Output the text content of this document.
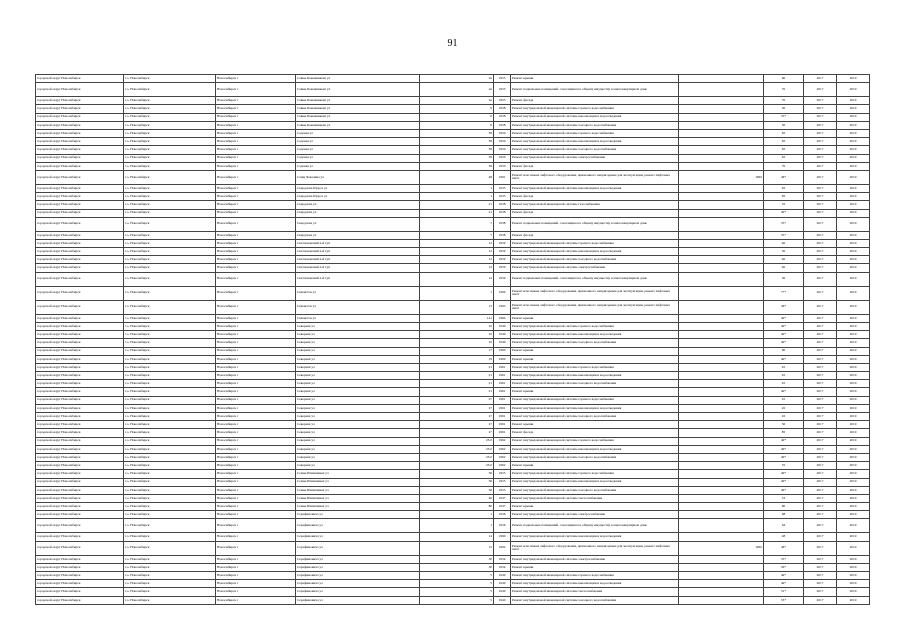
91
городской округ Новосибирск	г.о. Новосибирск	Новосибирск г	Саввы Кожевникова ул	4а	1953	Ремонт крыши		60	2017	2019
городской округ Новосибирск	г.о. Новосибирск	Новосибирск г	Саввы Кожевникова ул	4а	1953	Ремонт подвальных помещений, относящихся к общему имуществу в многоквартирном доме		70	2017	2019
городской округ Новосибирск	г.о. Новосибирск	Новосибирск г	Саввы Кожевникова ул	4а	1953	Ремонт фасада		70	2017	2019
городской округ Новосибирск	г.о. Новосибирск	Новосибирск г	Саввы Кожевникова ул	6	1958	Ремонт внутридомовой инженерной системы горячего водоснабжения		50	2017	2019
городской округ Новосибирск	г.о. Новосибирск	Новосибирск г	Саввы Кожевникова ул	6	1958	Ремонт внутридомовой инженерной системы канализации и водоотведения		55*	2017	2019
городской округ Новосибирск	г.о. Новосибирск	Новосибирск г	Саввы Кожевникова ул	6	1958	Ремонт внутридомовой инженерной системы холодного водоснабжения		50	2017	2019
городской округ Новосибирск	г.о. Новосибирск	Новосибирск г	Садовая ул	39	1950	Ремонт внутридомовой инженерной системы горячего водоснабжения		65	2017	2019
городской округ Новосибирск	г.о. Новосибирск	Новосибирск г	Садовая ул	39	1950	Ремонт внутридомовой инженерной системы канализации и водоотведения		65	2017	2019
городской округ Новосибирск	г.о. Новосибирск	Новосибирск г	Садовая ул	39	1950	Ремонт внутридомовой инженерной системы холодного водоснабжения		65	2017	2019
городской округ Новосибирск	г.о. Новосибирск	Новосибирск г	Садовая ул	39	1950	Ремонт внутридомовой инженерной системы электроснабжения		65	2017	2019
городской округ Новосибирск	г.о. Новосибирск	Новосибирск г	Садовая ул	39	1950	Ремонт фасада		70	2017	2019
городской округ Новосибирск	г.о. Новосибирск	Новосибирск г	Саши Чекалина ул	48	1991	Ремонт или замена лифтового оборудования, признанного непригодным для эксплуатации, ремонт лифтовых шахт	1992	46*	2017	2019
городской округ Новосибирск	г.о. Новосибирск	Новосибирск г	Свердлова-Щорса ул	1	1935	Ремонт внутридомовой инженерной системы канализации и водоотведения		65	2017	2019
городской округ Новосибирск	г.о. Новосибирск	Новосибирск г	Свердлова-Щорса ул	1	1935	Ремонт фасада		85	2017	2019
городской округ Новосибирск	г.о. Новосибирск	Новосибирск г	Свердлова ул	21	1938	Ремонт внутридомовой инженерной системы газоснабжения		55	2017	2019
городской округ Новосибирск	г.о. Новосибирск	Новосибирск г	Свердлова ул	21	1938	Ремонт фасада		40*	2017	2019
городской округ Новосибирск	г.о. Новосибирск	Новосибирск г	Свердлова ул	7	1938	Ремонт подвальных помещений, относящихся к общему имуществу в многоквартирном доме		55*	2017	2019
городской округ Новосибирск	г.о. Новосибирск	Новосибирск г	Свердлова ул	7	1938	Ремонт фасада		55*	2017	2019
городской округ Новосибирск	г.о. Новосибирск	Новосибирск г	Светлановский 2-й туп	12	1959	Ремонт внутридомовой инженерной системы горячего водоснабжения		40	2017	2019
городской округ Новосибирск	г.о. Новосибирск	Новосибирск г	Светлановский 2-й туп	12	1959	Ремонт внутридомовой инженерной системы канализации и водоотведения		50	2017	2019
городской округ Новосибирск	г.о. Новосибирск	Новосибирск г	Светлановский 2-й туп	12	1959	Ремонт внутридомовой инженерной системы холодного водоснабжения		40	2017	2019
городской округ Новосибирск	г.о. Новосибирск	Новосибирск г	Светлановский 2-й туп	12	1959	Ремонт внутридомовой инженерной системы электроснабжения		40	2017	2019
городской округ Новосибирск	г.о. Новосибирск	Новосибирск г	Светлановский 2-й туп	12	1959	Ремонт подвальных помещений, относящихся к общему имуществу в многоквартирном доме		50	2017	2019
городской округ Новосибирск	г.о. Новосибирск	Новосибирск г	Связистов ул	1	1994	Ремонт или замена лифтового оборудования, признанного непригодным для эксплуатации, ремонт лифтовых шахт		77*	2017	2019
городской округ Новосибирск	г.о. Новосибирск	Новосибирск г	Связистов ул	13	1993	Ремонт или замена лифтового оборудования, признанного непригодным для эксплуатации, ремонт лифтовых шахт		46*	2017	2019
городской округ Новосибирск	г.о. Новосибирск	Новосибирск г	Связистов ул	141	1984	Ремонт крыши		40*	2017	2019
городской округ Новосибирск	г.о. Новосибирск	Новосибирск г	Северная ул	10	1949	Ремонт внутридомовой инженерной системы горячего водоснабжения		40*	2017	2019
городской округ Новосибирск	г.о. Новосибирск	Новосибирск г	Северная ул	10	1949	Ремонт внутридомовой инженерной системы канализации и водоотведения		40*	2017	2019
городской округ Новосибирск	г.о. Новосибирск	Новосибирск г	Северная ул	10	1949	Ремонт внутридомовой инженерной системы холодного водоснабжения		40*	2017	2019
городской округ Новосибирск	г.о. Новосибирск	Новосибирск г	Северная ул	17	1960	Ремонт крыши		60	2017	2019
городской округ Новосибирск	г.о. Новосибирск	Новосибирск г	Северная ул	19	1960	Ремонт крыши		40*	2017	2019
городской округ Новосибирск	г.о. Новосибирск	Новосибирск г	Северная ул	21	1961	Ремонт внутридомовой инженерной системы горячего водоснабжения		45	2017	2019
городской округ Новосибирск	г.о. Новосибирск	Новосибирск г	Северная ул	21	1961	Ремонт внутридомовой инженерной системы канализации и водоотведения		45	2017	2019
городской округ Новосибирск	г.о. Новосибирск	Новосибирск г	Северная ул	21	1961	Ремонт внутридомовой инженерной системы холодного водоснабжения		45	2017	2019
городской округ Новосибирск	г.о. Новосибирск	Новосибирск г	Северная ул	21	1961	Ремонт крыши		40*	2017	2019
городской округ Новосибирск	г.о. Новосибирск	Новосибирск г	Северная ул	27	1961	Ремонт внутридомовой инженерной системы горячего водоснабжения		45	2017	2019
городской округ Новосибирск	г.о. Новосибирск	Новосибирск г	Северная ул	27	1961	Ремонт внутридомовой инженерной системы канализации и водоотведения		45	2017	2019
городской округ Новосибирск	г.о. Новосибирск	Новосибирск г	Северная ул	27	1961	Ремонт внутридомовой инженерной системы холодного водоснабжения		45	2017	2019
городской округ Новосибирск	г.о. Новосибирск	Новосибирск г	Северная ул	27	1961	Ремонт крыши		50	2017	2019
городской округ Новосибирск	г.о. Новосибирск	Новосибирск г	Северная ул	27	1961	Ремонт фасада		85	2017	2019
городской округ Новосибирск	г.о. Новосибирск	Новосибирск г	Северная ул	23/2	1962	Ремонт внутридомовой инженерной системы горячего водоснабжения		40*	2017	2019
городской округ Новосибирск	г.о. Новосибирск	Новосибирск г	Северная ул	23/2	1962	Ремонт внутридомовой инженерной системы канализации и водоотведения		40*	2017	2019
городской округ Новосибирск	г.о. Новосибирск	Новосибирск г	Северная ул	23/2	1962	Ремонт внутридомовой инженерной системы холодного водоснабжения		40*	2017	2019
городской округ Новосибирск	г.о. Новосибирск	Новосибирск г	Северная ул	23/2	1962	Ремонт крыши		55	2017	2019
городской округ Новосибирск	г.о. Новосибирск	Новосибирск г	Семьи Шамшиных ул	36	1953	Ремонт внутридомовой инженерной системы горячего водоснабжения		40*	2017	2019
городской округ Новосибирск	г.о. Новосибирск	Новосибирск г	Семьи Шамшиных ул	36	1953	Ремонт внутридомовой инженерной системы канализации и водоотведения		40*	2017	2019
городской округ Новосибирск	г.о. Новосибирск	Новосибирск г	Семьи Шамшиных ул	36	1953	Ремонт внутридомовой инженерной системы холодного водоснабжения		40*	2017	2019
городской округ Новосибирск	г.о. Новосибирск	Новосибирск г	Семьи Шамшиных ул	40	1947	Ремонт внутридомовой инженерной системы теплоснабжения		53	2017	2019
городской округ Новосибирск	г.о. Новосибирск	Новосибирск г	Семьи Шамшиных ул	80	1947	Ремонт крыши		60	2017	2019
городской округ Новосибирск	г.о. Новосибирск	Новосибирск г	Серафимовича ул	1	1956	Ремонт внутридомовой инженерной системы электроснабжения		68	2017	2019
городской округ Новосибирск	г.о. Новосибирск	Новосибирск г	Серафимовича ул	1	1956	Ремонт подвальных помещений, относящихся к общему имуществу в многоквартирном доме		64	2017	2019
городской округ Новосибирск	г.о. Новосибирск	Новосибирск г	Серафимовича ул	14	1960	Ремонт внутридомовой инженерной системы канализации и водоотведения		48	2017	2019
городской округ Новосибирск	г.о. Новосибирск	Новосибирск г	Серафимовича ул	15	1992	Ремонт или замена лифтового оборудования, признанного непригодным для эксплуатации, ремонт лифтовых шахт	1992	46*	2017	2019
городской округ Новосибирск	г.о. Новосибирск	Новосибирск г	Серафимовича ул	30	1954	Ремонт внутридомовой инженерной системы электроснабжения		55*	2017	2019
городской округ Новосибирск	г.о. Новосибирск	Новосибирск г	Серафимовича ул	30	1954	Ремонт крыши		56*	2017	2019
городской округ Новосибирск	г.о. Новосибирск	Новосибирск г	Серафимовича ул	5	1940	Ремонт внутридомовой инженерной системы горячего водоснабжения		49*	2017	2019
городской округ Новосибирск	г.о. Новосибирск	Новосибирск г	Серафимовича ул	5	1940	Ремонт внутридомовой инженерной системы канализации и водоотведения		49*	2017	2019
городской округ Новосибирск	г.о. Новосибирск	Новосибирск г	Серафимовича ул	5	1940	Ремонт внутридомовой инженерной системы теплоснабжения		51*	2017	2019
городской округ Новосибирск	г.о. Новосибирск	Новосибирск г	Серафимовича ул	5	1940	Ремонт внутридомовой инженерной системы холодного водоснабжения		53*	2017	2019
